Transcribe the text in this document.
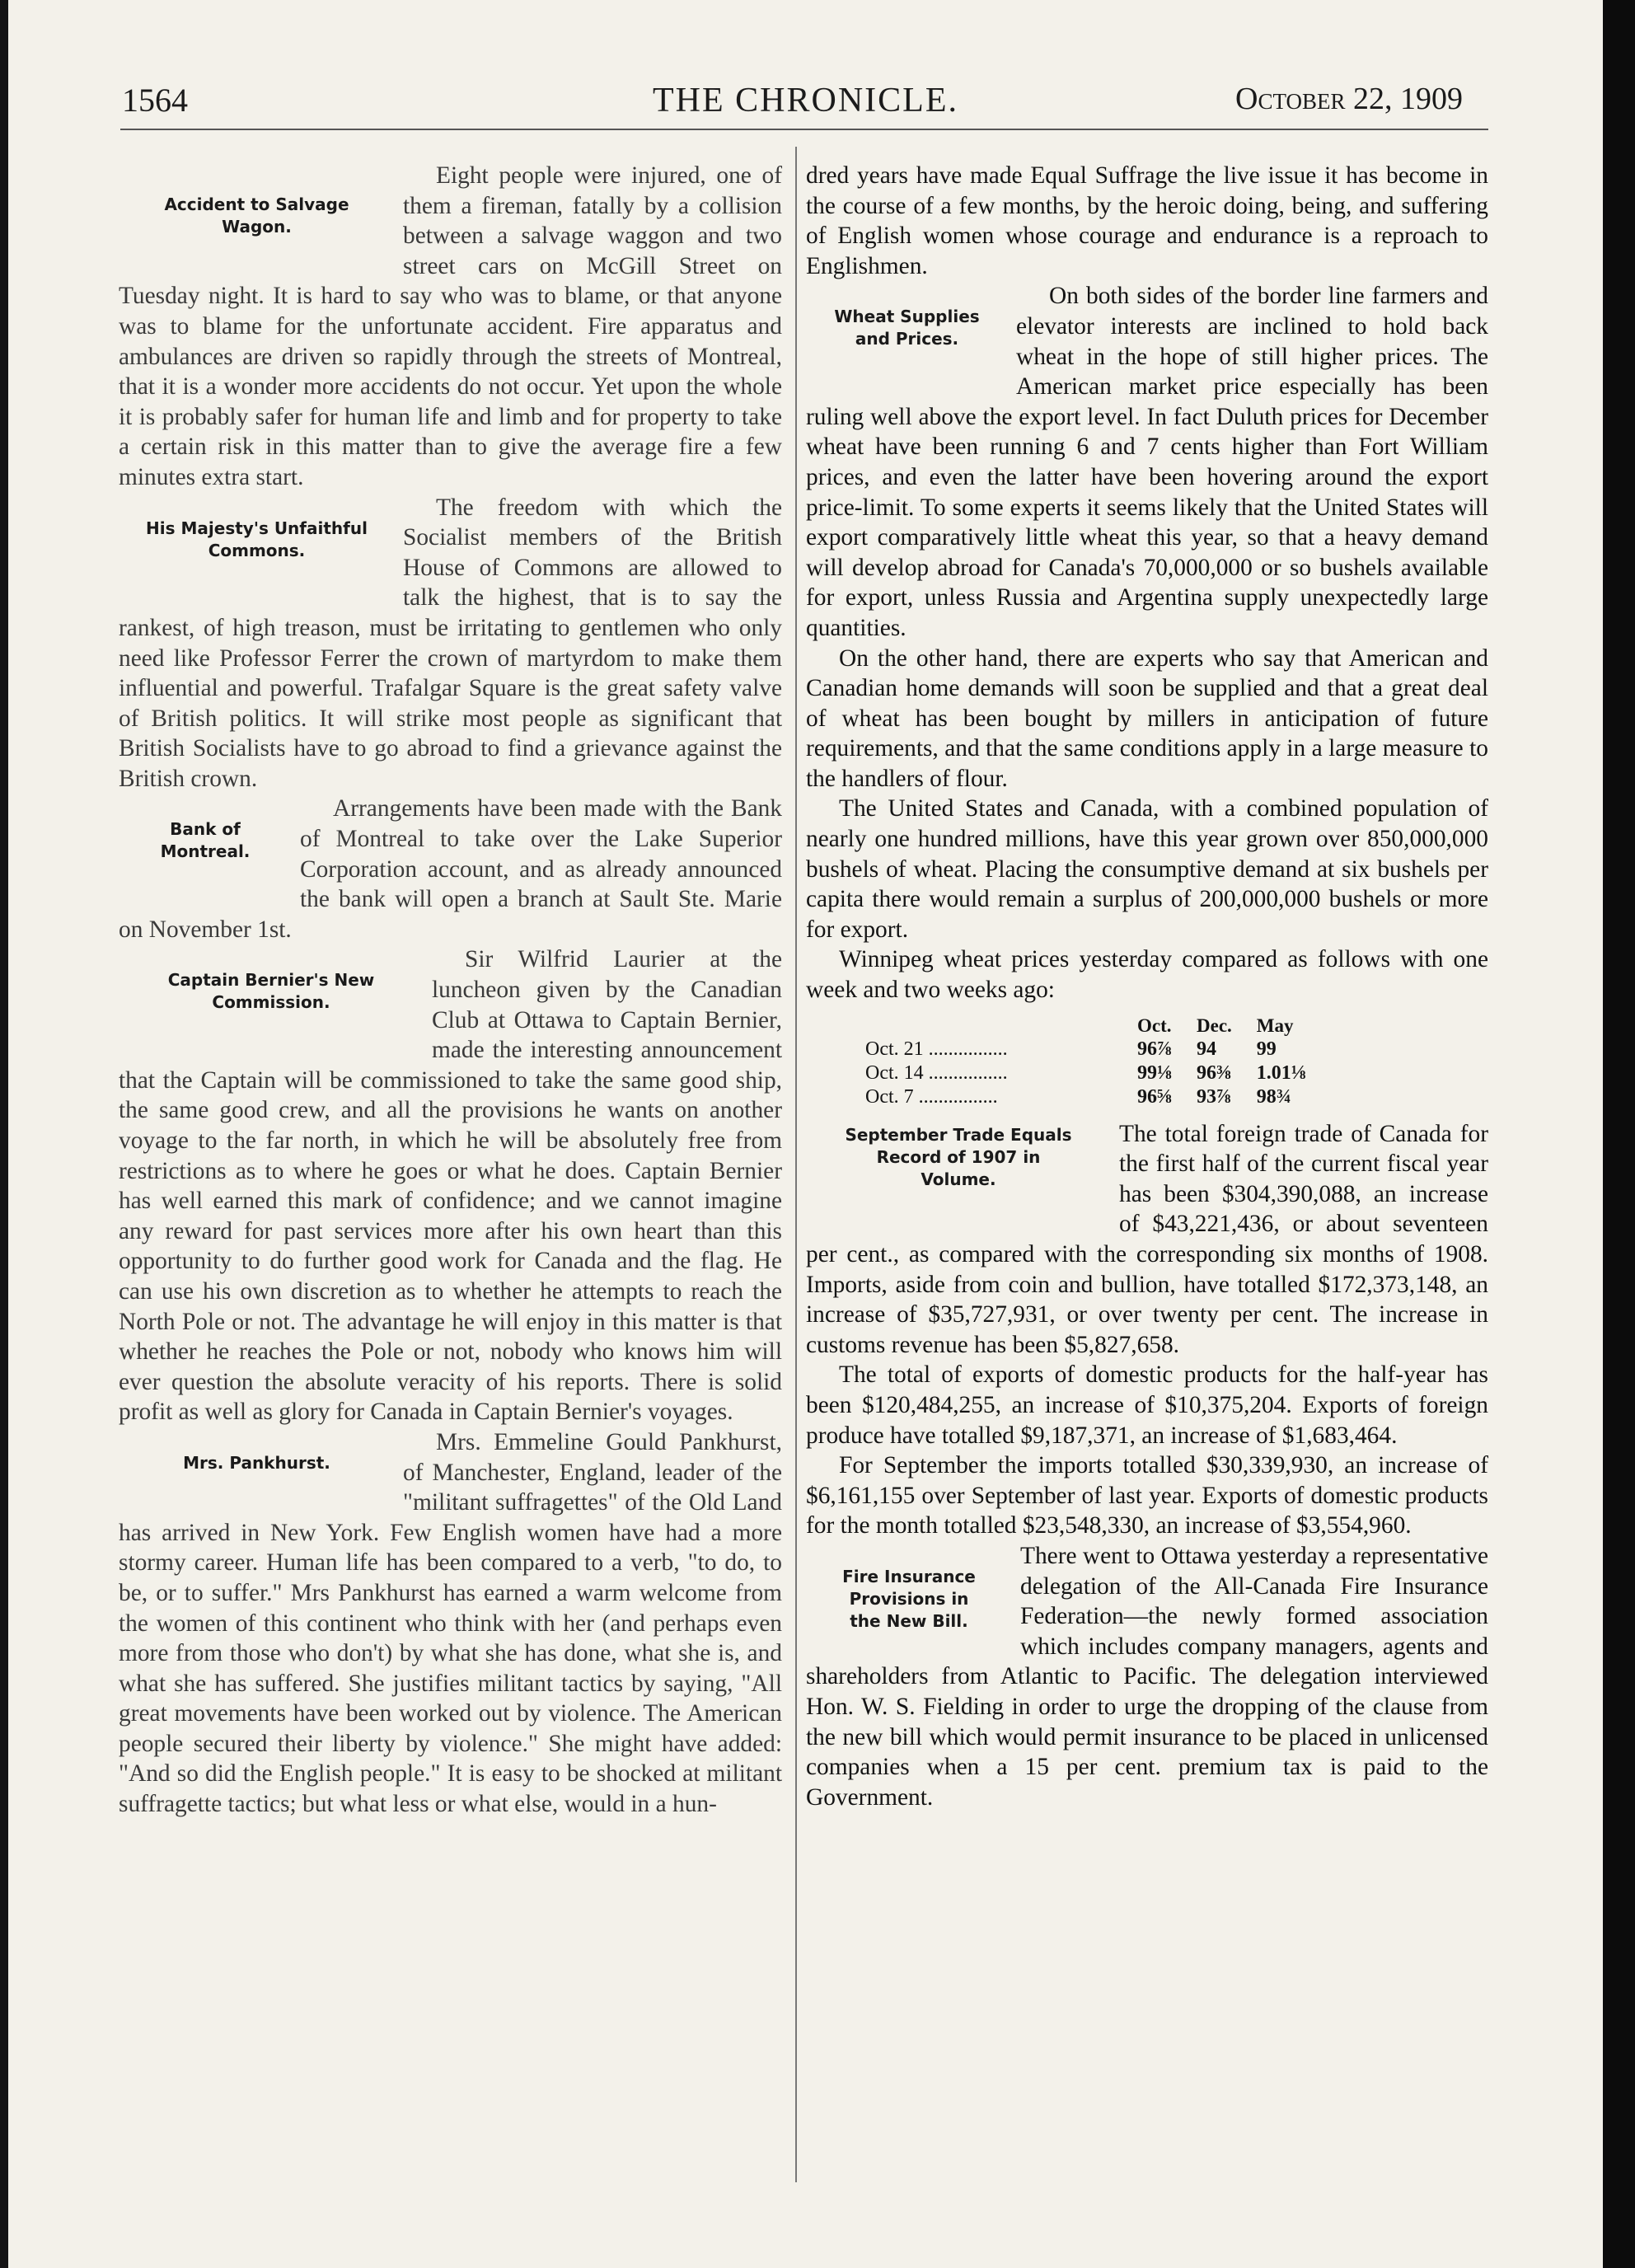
1564	THE CHRONICLE.	October 22, 1909
Accident to Salvage
Wagon.

Eight people were injured, one of them a fireman, fatally by a collision between a salvage waggon and two street cars on McGill Street on Tuesday night. It is hard to say who was to blame, or that anyone was to blame for the unfortunate accident. Fire apparatus and ambulances are driven so rapidly through the streets of Montreal, that it is a wonder more accidents do not occur. Yet upon the whole it is probably safer for human life and limb and for property to take a certain risk in this matter than to give the average fire a few minutes extra start.

His Majesty's Unfaithful
Commons.

The freedom with which the Socialist members of the British House of Commons are allowed to talk the highest, that is to say the rankest, of high treason, must be irritating to gentlemen who only need like Professor Ferrer the crown of martyrdom to make them influential and powerful. Trafalgar Square is the great safety valve of British politics. It will strike most people as significant that British Socialists have to go abroad to find a grievance against the British crown.

Bank of
Montreal.

Arrangements have been made with the Bank of Montreal to take over the Lake Superior Corporation account, and as already announced the bank will open a branch at Sault Ste. Marie on November 1st.

Captain Bernier's New
Commission.

Sir Wilfrid Laurier at the luncheon given by the Canadian Club at Ottawa to Captain Bernier, made the interesting announcement that the Captain will be commissioned to take the same good ship, the same good crew, and all the provisions he wants on another voyage to the far north, in which he will be absolutely free from restrictions as to where he goes or what he does. Captain Bernier has well earned this mark of confidence; and we cannot imagine any reward for past services more after his own heart than this opportunity to do further good work for Canada and the flag. He can use his own discretion as to whether he attempts to reach the North Pole or not. The advantage he will enjoy in this matter is that whether he reaches the Pole or not, nobody who knows him will ever question the absolute veracity of his reports. There is solid profit as well as glory for Canada in Captain Bernier's voyages.

Mrs. Pankhurst.

Mrs. Emmeline Gould Pankhurst, of Manchester, England, leader of the "militant suffragettes" of the Old Land has arrived in New York. Few English women have had a more stormy career. Human life has been compared to a verb, "to do, to be, or to suffer." Mrs Pankhurst has earned a warm welcome from the women of this continent who think with her (and perhaps even more from those who don't) by what she has done, what she is, and what she has suffered. She justifies militant tactics by saying, "All great movements have been worked out by violence. The American people secured their liberty by violence." She might have added: "And so did the English people." It is easy to be shocked at militant suffragette tactics; but what less or what else, would in a hun-

dred years have made Equal Suffrage the live issue it has become in the course of a few months, by the heroic doing, being, and suffering of English women whose courage and endurance is a reproach to Englishmen.

Wheat Supplies
and Prices.

On both sides of the border line farmers and elevator interests are inclined to hold back wheat in the hope of still higher prices. The American market price especially has been ruling well above the export level. In fact Duluth prices for December wheat have been running 6 and 7 cents higher than Fort William prices, and even the latter have been hovering around the export price-limit. To some experts it seems likely that the United States will export comparatively little wheat this year, so that a heavy demand will develop abroad for Canada's 70,000,000 or so bushels available for export, unless Russia and Argentina supply unexpectedly large quantities.

On the other hand, there are experts who say that American and Canadian home demands will soon be supplied and that a great deal of wheat has been bought by millers in anticipation of future requirements, and that the same conditions apply in a large measure to the handlers of flour.

The United States and Canada, with a combined population of nearly one hundred millions, have this year grown over 850,000,000 bushels of wheat. Placing the consumptive demand at six bushels per capita there would remain a surplus of 200,000,000 bushels or more for export.

Winnipeg wheat prices yesterday compared as follows with one week and two weeks ago:

	Oct.	Dec.	May
Oct. 21 ................	96⅞	94	99
Oct. 14 ................	99⅛	96⅜	1.01⅛
Oct. 7 ................	96⅝	93⅞	98¾
September Trade Equals
Record of 1907 in
Volume.

The total foreign trade of Canada for the first half of the current fiscal year has been $304,390,088, an increase of $43,221,436, or about seventeen per cent., as compared with the corresponding six months of 1908. Imports, aside from coin and bullion, have totalled $172,373,148, an increase of $35,727,931, or over twenty per cent. The increase in customs revenue has been $5,827,658.

The total of exports of domestic products for the half-year has been $120,484,255, an increase of $10,375,204. Exports of foreign produce have totalled $9,187,371, an increase of $1,683,464.

For September the imports totalled $30,339,930, an increase of $6,161,155 over September of last year. Exports of domestic products for the month totalled $23,548,330, an increase of $3,554,960.

Fire Insurance
Provisions in
the New Bill.

There went to Ottawa yesterday a representative delegation of the All-Canada Fire Insurance Federation—the newly formed association which includes company managers, agents and shareholders from Atlantic to Pacific. The delegation interviewed Hon. W. S. Fielding in order to urge the dropping of the clause from the new bill which would permit insurance to be placed in unlicensed companies when a 15 per cent. premium tax is paid to the Government.
